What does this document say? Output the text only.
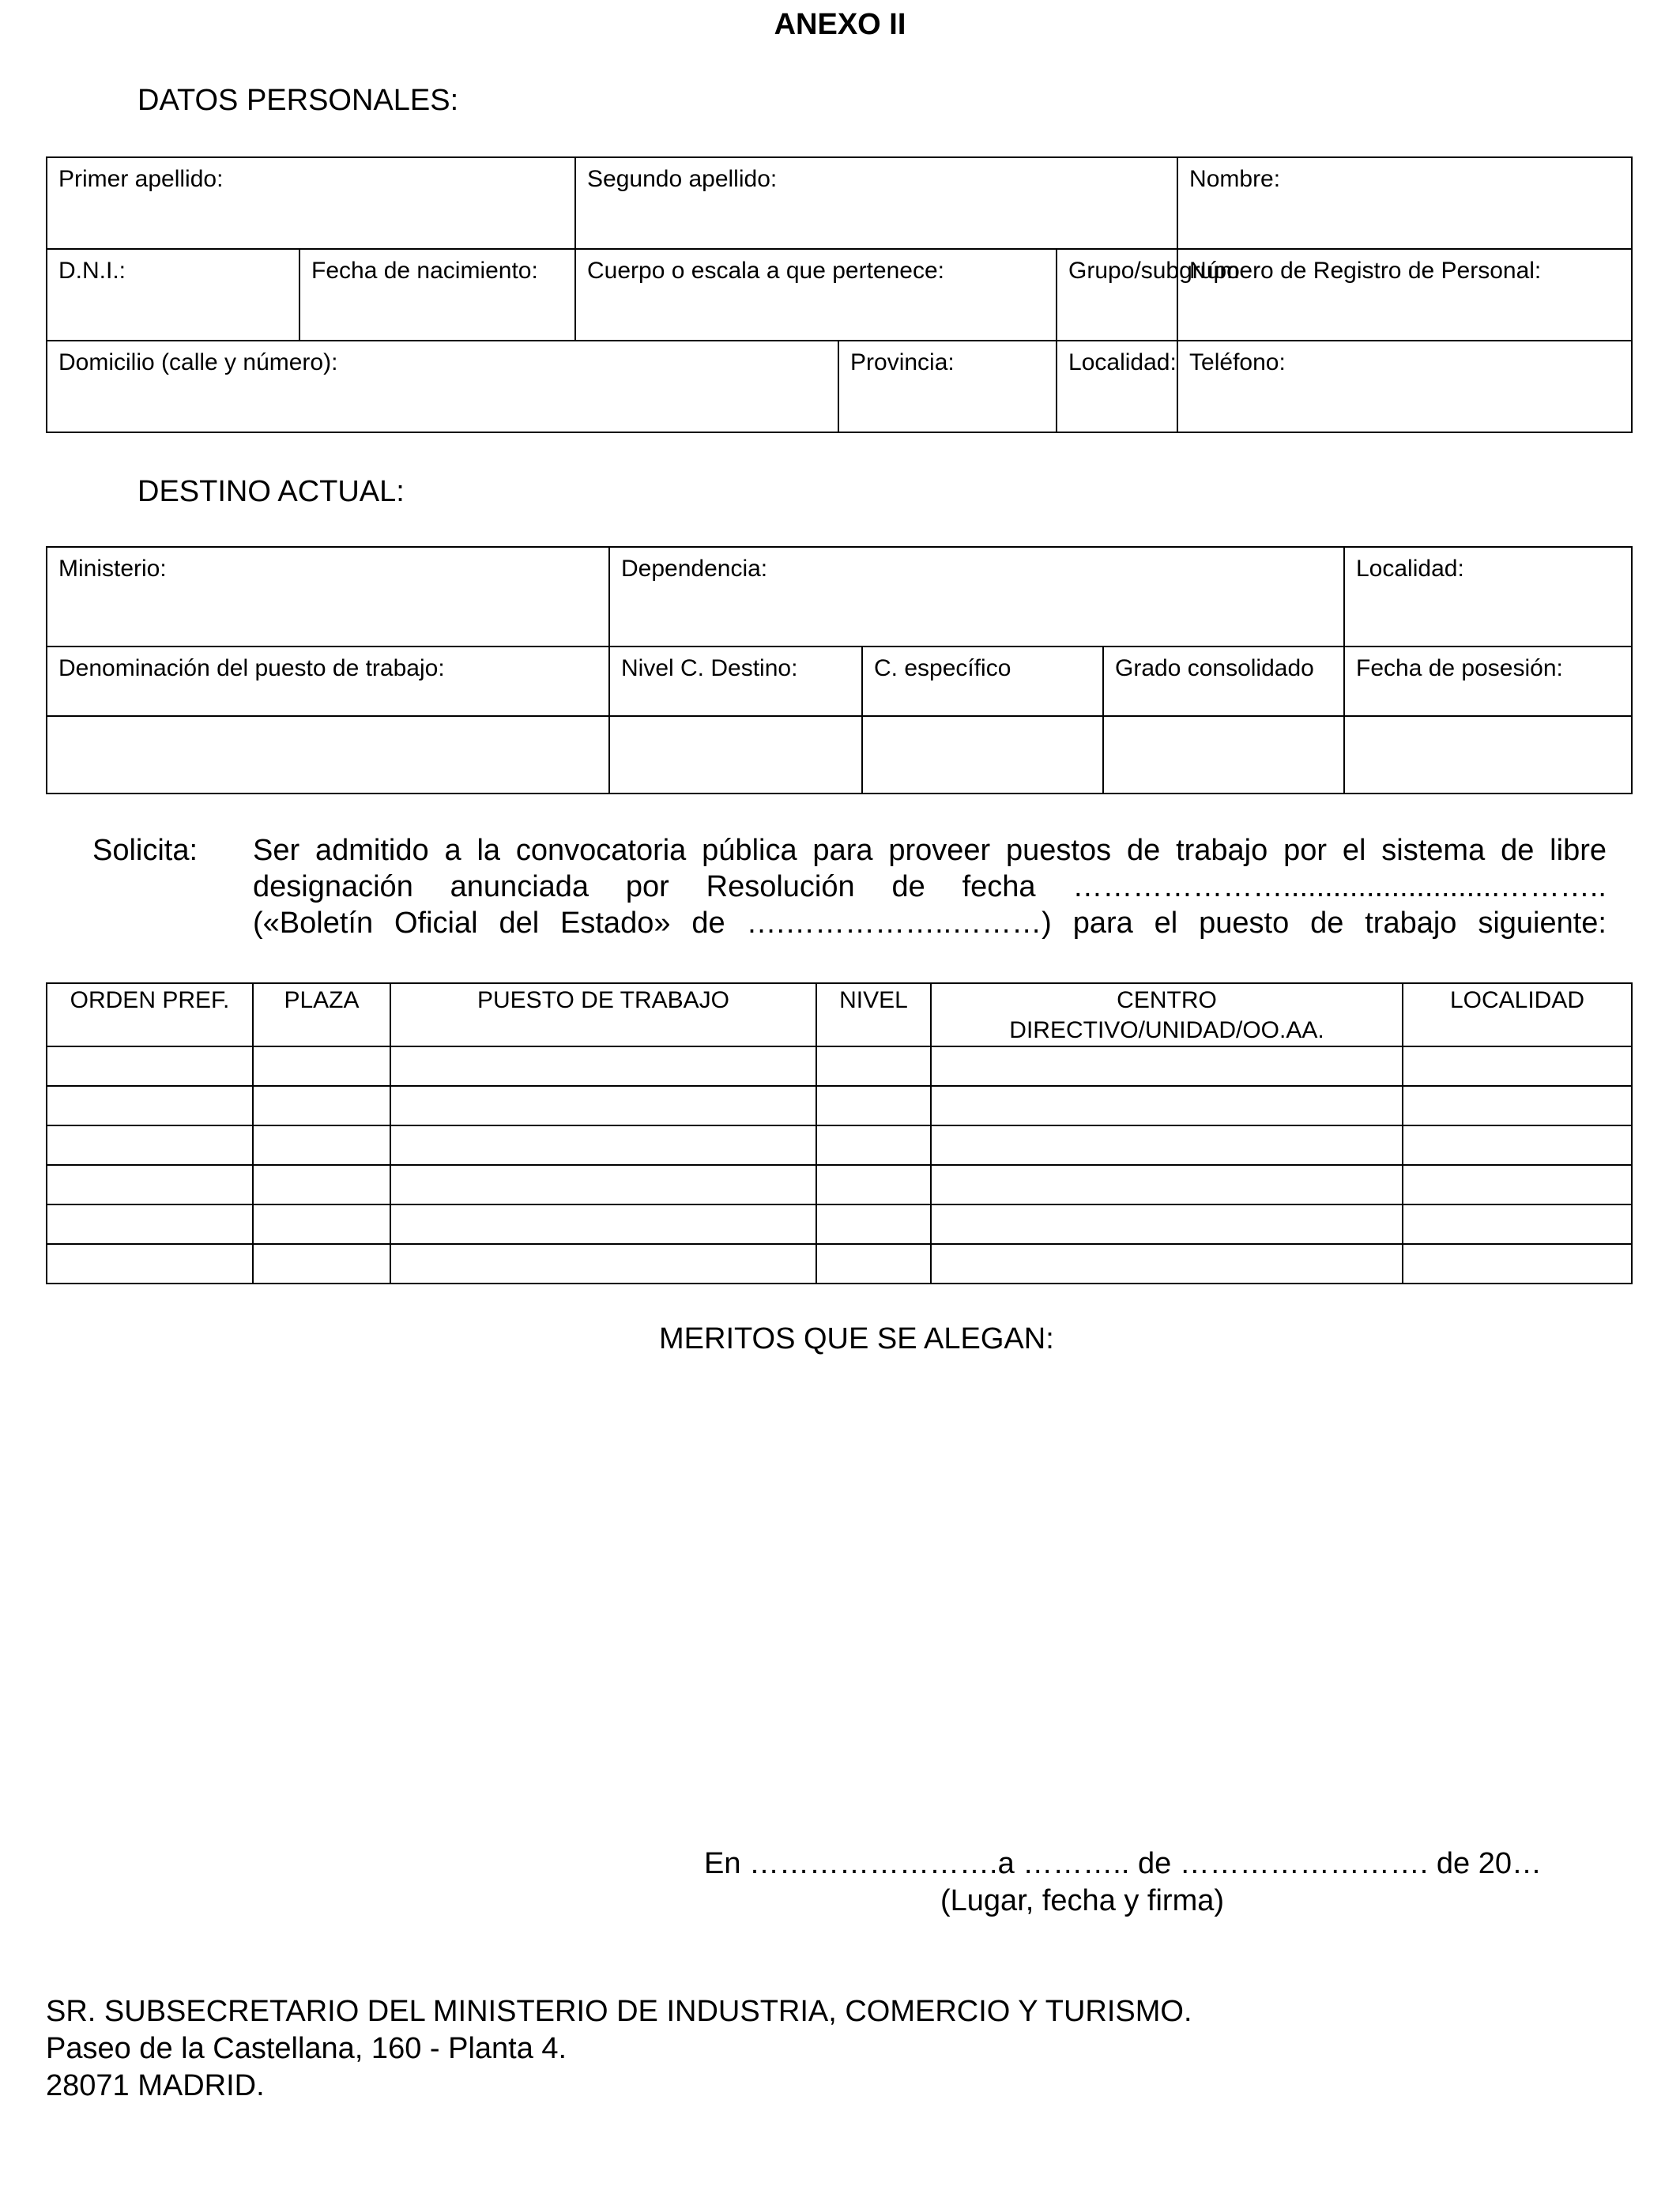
ANEXO II
DATOS PERSONALES:
Primer apellido:		Segundo apellido:			Nombre:
D.N.I.:	Fecha de nacimiento:	Cuerpo o escala a que pertenece:		Grupo/subgrupo	Número de Registro de Personal:
Domicilio (calle y número):			Provincia:	Localidad:	Teléfono:
DESTINO ACTUAL:
Ministerio:	Dependencia:			Localidad:
Denominación del puesto de trabajo:	Nivel C. Destino:	C. específico	Grado consolidado	Fecha de posesión:

Solicita: Ser admitido a la convocatoria pública para proveer puestos de trabajo por el sistema de libre
designación anunciada por Resolución de fecha …………………..........................………..
(«Boletín Oficial del Estado» de ….……………..………) para el puesto de trabajo siguiente:
ORDEN PREF.	PLAZA	PUESTO DE TRABAJO	NIVEL	CENTRO DIRECTIVO/UNIDAD/OO.AA.	LOCALIDAD

MERITOS QUE SE ALEGAN:
En …………………….a ……….. de ……………………. de 20…
(Lugar, fecha y firma)
SR. SUBSECRETARIO DEL MINISTERIO DE INDUSTRIA, COMERCIO Y TURISMO.
Paseo de la Castellana, 160 - Planta 4.
28071 MADRID.
